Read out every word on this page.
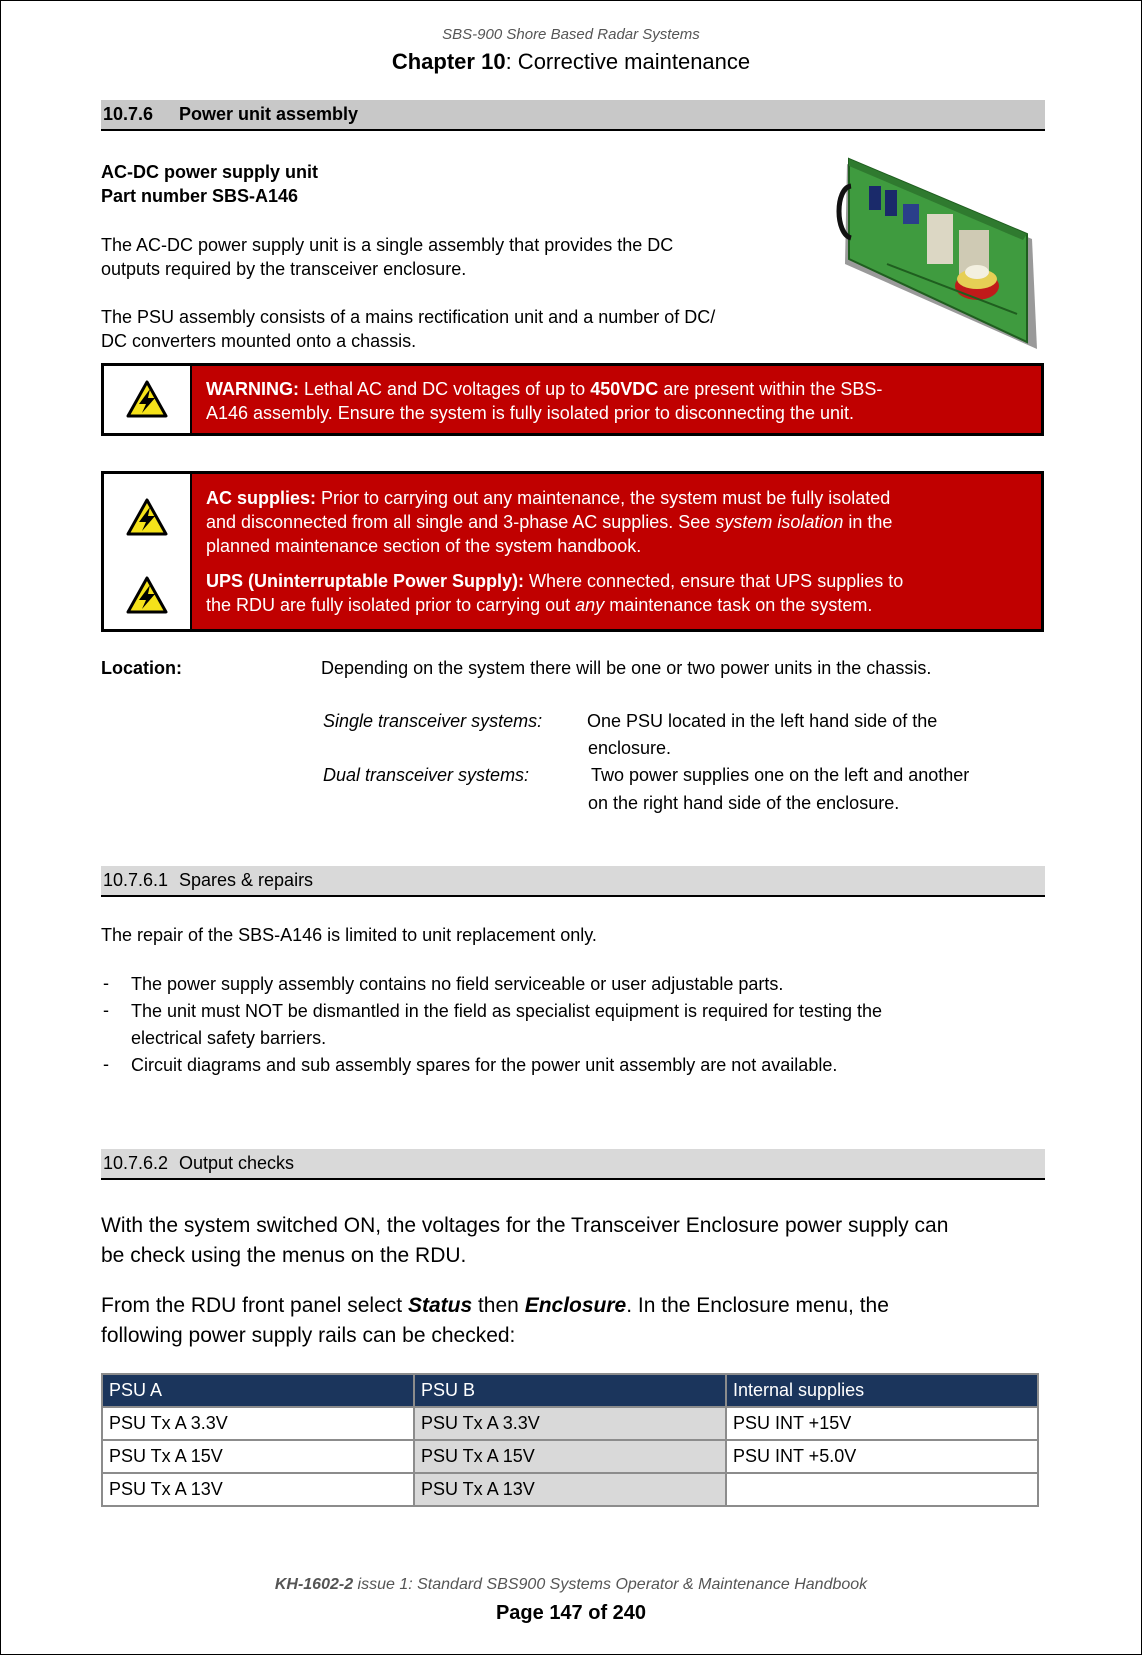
SBS-900 Shore Based Radar Systems
Chapter 10: Corrective maintenance
10.7.6	Power unit assembly
AC-DC power supply unit
Part number SBS-A146
The AC-DC power supply unit is a single assembly that provides the DC
outputs required by the transceiver enclosure.
The PSU assembly consists of a mains rectification unit and a number of DC/
DC converters mounted onto a chassis.
WARNING: Lethal AC and DC voltages of up to 450VDC are present within the SBS-
A146 assembly. Ensure the system is fully isolated prior to disconnecting the unit.
AC supplies: Prior to carrying out any maintenance, the system must be fully isolated
and disconnected from all single and 3-phase AC supplies. See system isolation in the
planned maintenance section of the system handbook.
UPS (Uninterruptable Power Supply): Where connected, ensure that UPS supplies to
the RDU are fully isolated prior to carrying out any maintenance task on the system.
Location:	Depending on the system there will be one or two power units in the chassis.
Single transceiver systems: One PSU located in the left hand side of the
enclosure.
Dual transceiver systems:	Two power supplies one on the left and another
on the right hand side of the enclosure.
10.7.6.1 Spares & repairs
The repair of the SBS-A146 is limited to unit replacement only.
- The power supply assembly contains no field serviceable or user adjustable parts.
- The unit must NOT be dismantled in the field as specialist equipment is required for testing the
electrical safety barriers.
- Circuit diagrams and sub assembly spares for the power unit assembly are not available.
10.7.6.2 Output checks
With the system switched ON, the voltages for the Transceiver Enclosure power supply can
be check using the menus on the RDU.
From the RDU front panel select Status then Enclosure. In the Enclosure menu, the
following power supply rails can be checked:
PSU A	PSU B	Internal supplies
PSU Tx A 3.3V	PSU Tx A 3.3V	PSU INT +15V
PSU Tx A 15V	PSU Tx A 15V	PSU INT +5.0V
PSU Tx A 13V	PSU Tx A 13V	
KH-1602-2 issue 1: Standard SBS900 Systems Operator & Maintenance Handbook
Page 147 of 240
